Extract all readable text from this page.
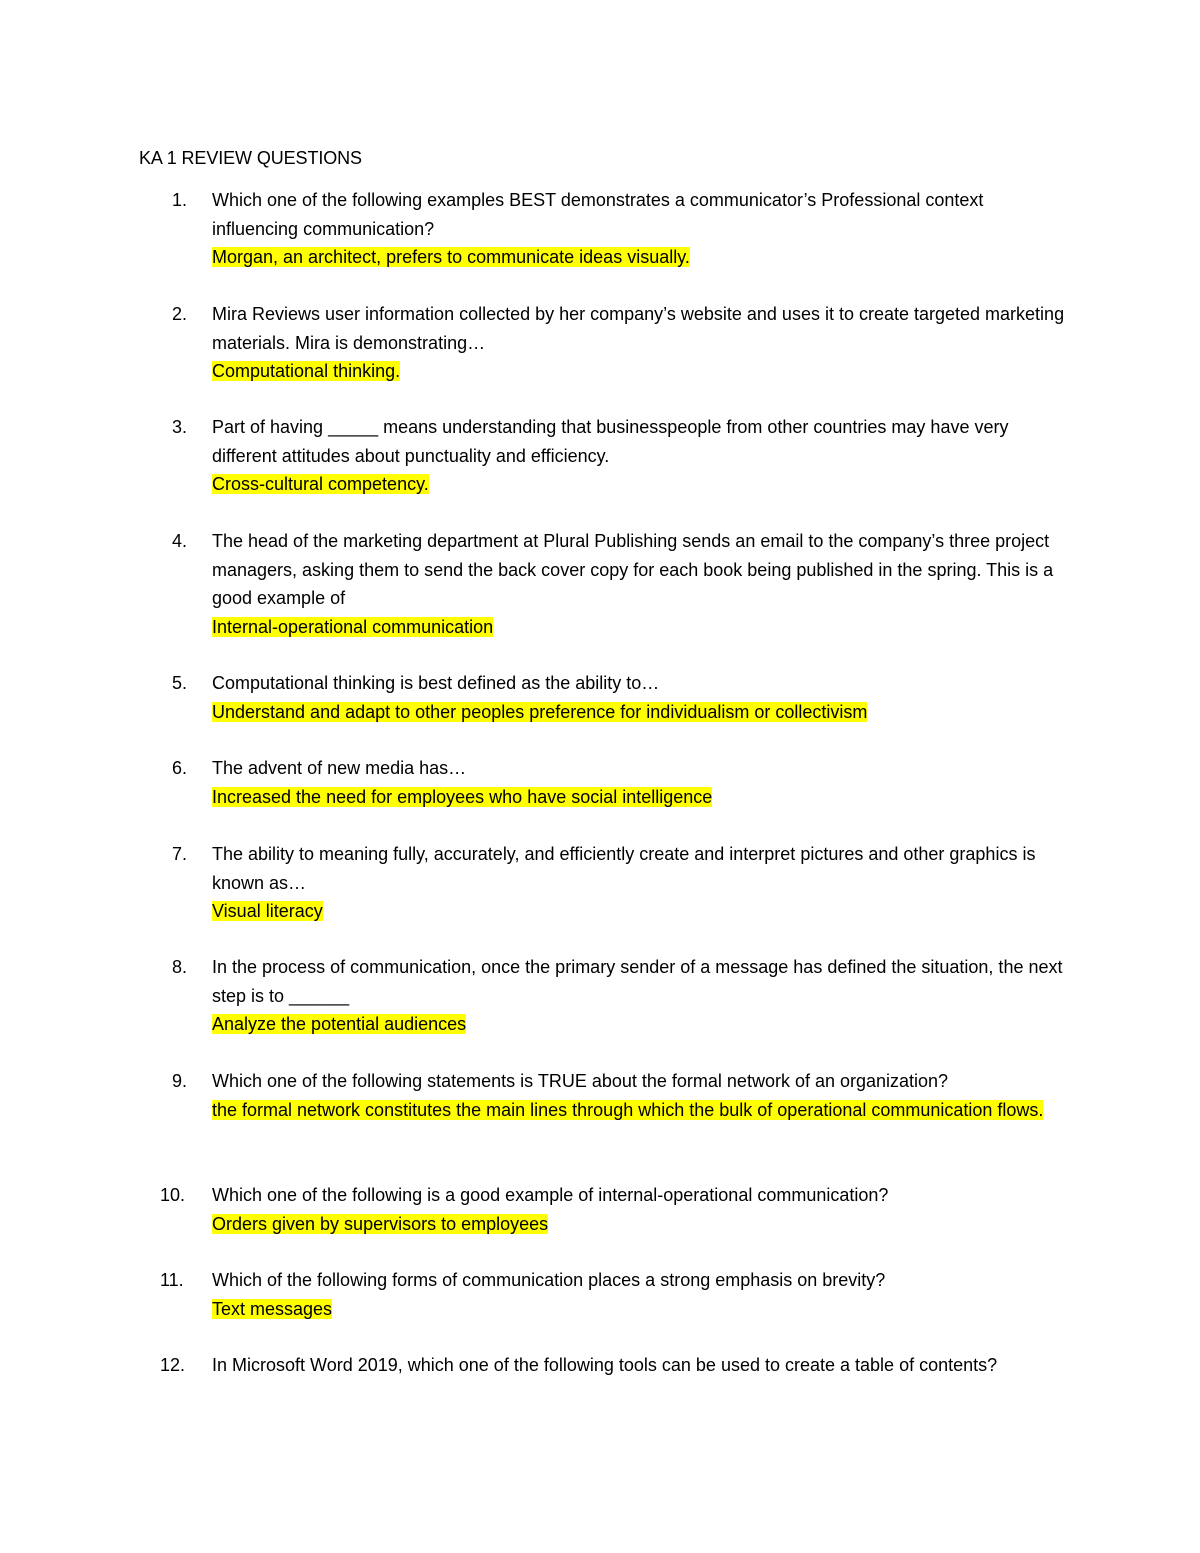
KA 1 REVIEW QUESTIONS
1. Which one of the following examples BEST demonstrates a communicator’s Professional context influencing communication?
Morgan, an architect, prefers to communicate ideas visually.
2. Mira Reviews user information collected by her company’s website and uses it to create targeted marketing materials. Mira is demonstrating…
Computational thinking.
3. Part of having _____ means understanding that businesspeople from other countries may have very different attitudes about punctuality and efficiency.
Cross-cultural competency.
4. The head of the marketing department at Plural Publishing sends an email to the company’s three project managers, asking them to send the back cover copy for each book being published in the spring. This is a good example of
Internal-operational communication
5. Computational thinking is best defined as the ability to…
Understand and adapt to other peoples preference for individualism or collectivism
6. The advent of new media has…
Increased the need for employees who have social intelligence
7. The ability to meaning fully, accurately, and efficiently create and interpret pictures and other graphics is known as…
Visual literacy
8. In the process of communication, once the primary sender of a message has defined the situation, the next step is to ______
Analyze the potential audiences
9. Which one of the following statements is TRUE about the formal network of an organization?
the formal network constitutes the main lines through which the bulk of operational communication flows.
10. Which one of the following is a good example of internal-operational communication?
Orders given by supervisors to employees
11. Which of the following forms of communication places a strong emphasis on brevity?
Text messages
12. In Microsoft Word 2019, which one of the following tools can be used to create a table of contents?
